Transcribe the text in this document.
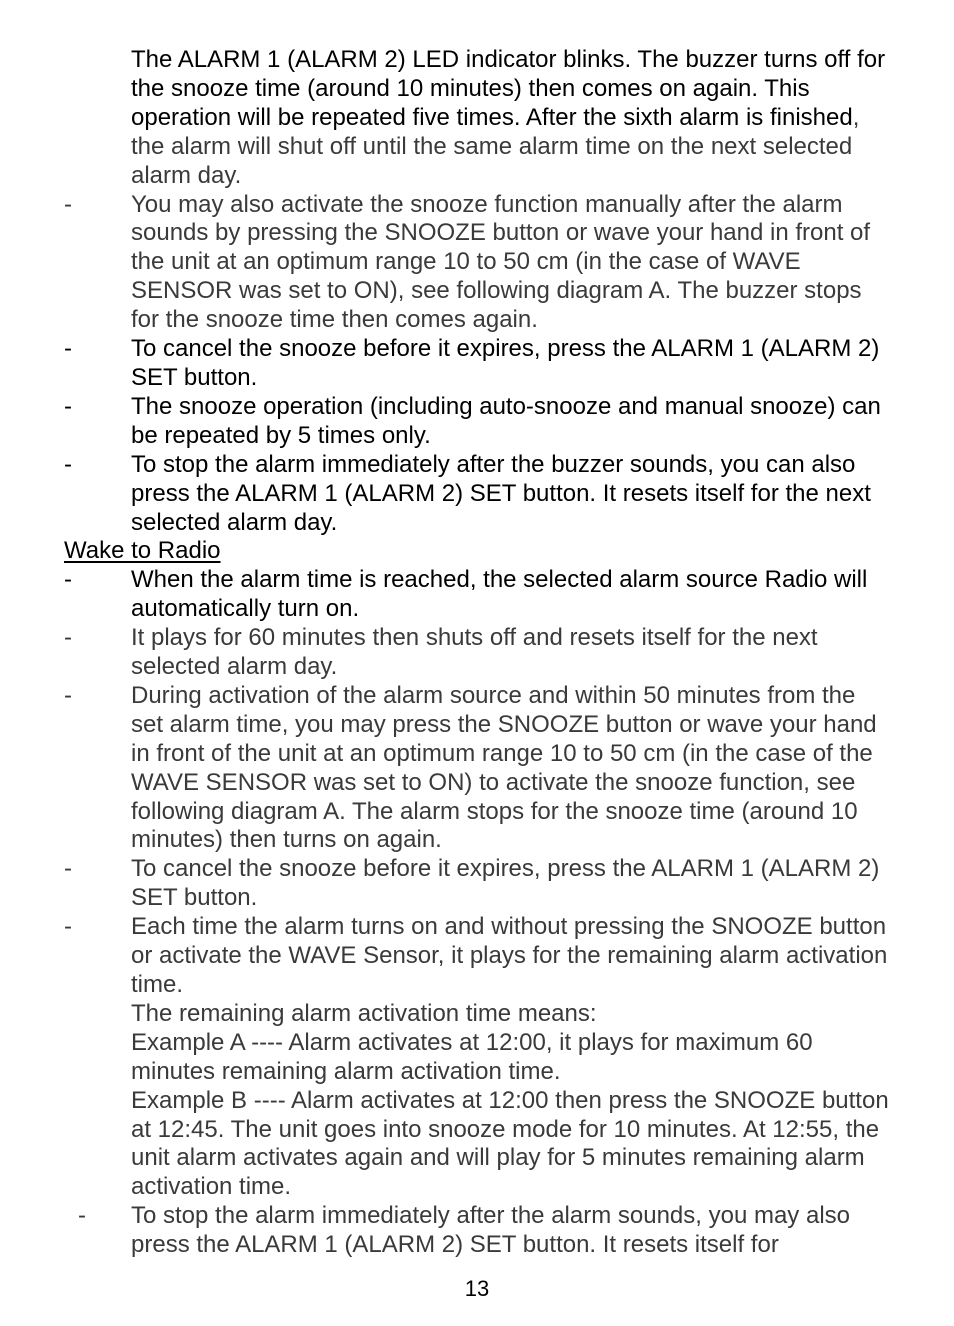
The ALARM 1 (ALARM 2) LED indicator blinks. The buzzer turns off for the snooze time (around 10 minutes) then comes on again. This operation will be repeated five times. After the sixth alarm is finished, the alarm will shut off until the same alarm time on the next selected alarm day.
- You may also activate the snooze function manually after the alarm sounds by pressing the SNOOZE button or wave your hand in front of the unit at an optimum range 10 to 50 cm (in the case of WAVE SENSOR was set to ON), see following diagram A. The buzzer stops for the snooze time then comes again.
- To cancel the snooze before it expires, press the ALARM 1 (ALARM 2) SET button.
- The snooze operation (including auto-snooze and manual snooze) can be repeated by 5 times only.
- To stop the alarm immediately after the buzzer sounds, you can also press the ALARM 1 (ALARM 2) SET button. It resets itself for the next selected alarm day.
Wake to Radio
- When the alarm time is reached, the selected alarm source Radio will automatically turn on.
- It plays for 60 minutes then shuts off and resets itself for the next selected alarm day.
- During activation of the alarm source and within 50 minutes from the set alarm time, you may press the SNOOZE button or wave your hand in front of the unit at an optimum range 10 to 50 cm (in the case of the WAVE SENSOR was set to ON) to activate the snooze function, see following diagram A. The alarm stops for the snooze time (around 10 minutes) then turns on again.
- To cancel the snooze before it expires, press the ALARM 1 (ALARM 2) SET button.
- Each time the alarm turns on and without pressing the SNOOZE button or activate the WAVE Sensor, it plays for the remaining alarm activation time.
The remaining alarm activation time means:
Example A ---- Alarm activates at 12:00, it plays for maximum 60 minutes remaining alarm activation time.
Example B ---- Alarm activates at 12:00 then press the SNOOZE button at 12:45. The unit goes into snooze mode for 10 minutes. At 12:55, the unit alarm activates again and will play for 5 minutes remaining alarm activation time.
- To stop the alarm immediately after the alarm sounds, you may also press the ALARM 1 (ALARM 2) SET button. It resets itself for
13
